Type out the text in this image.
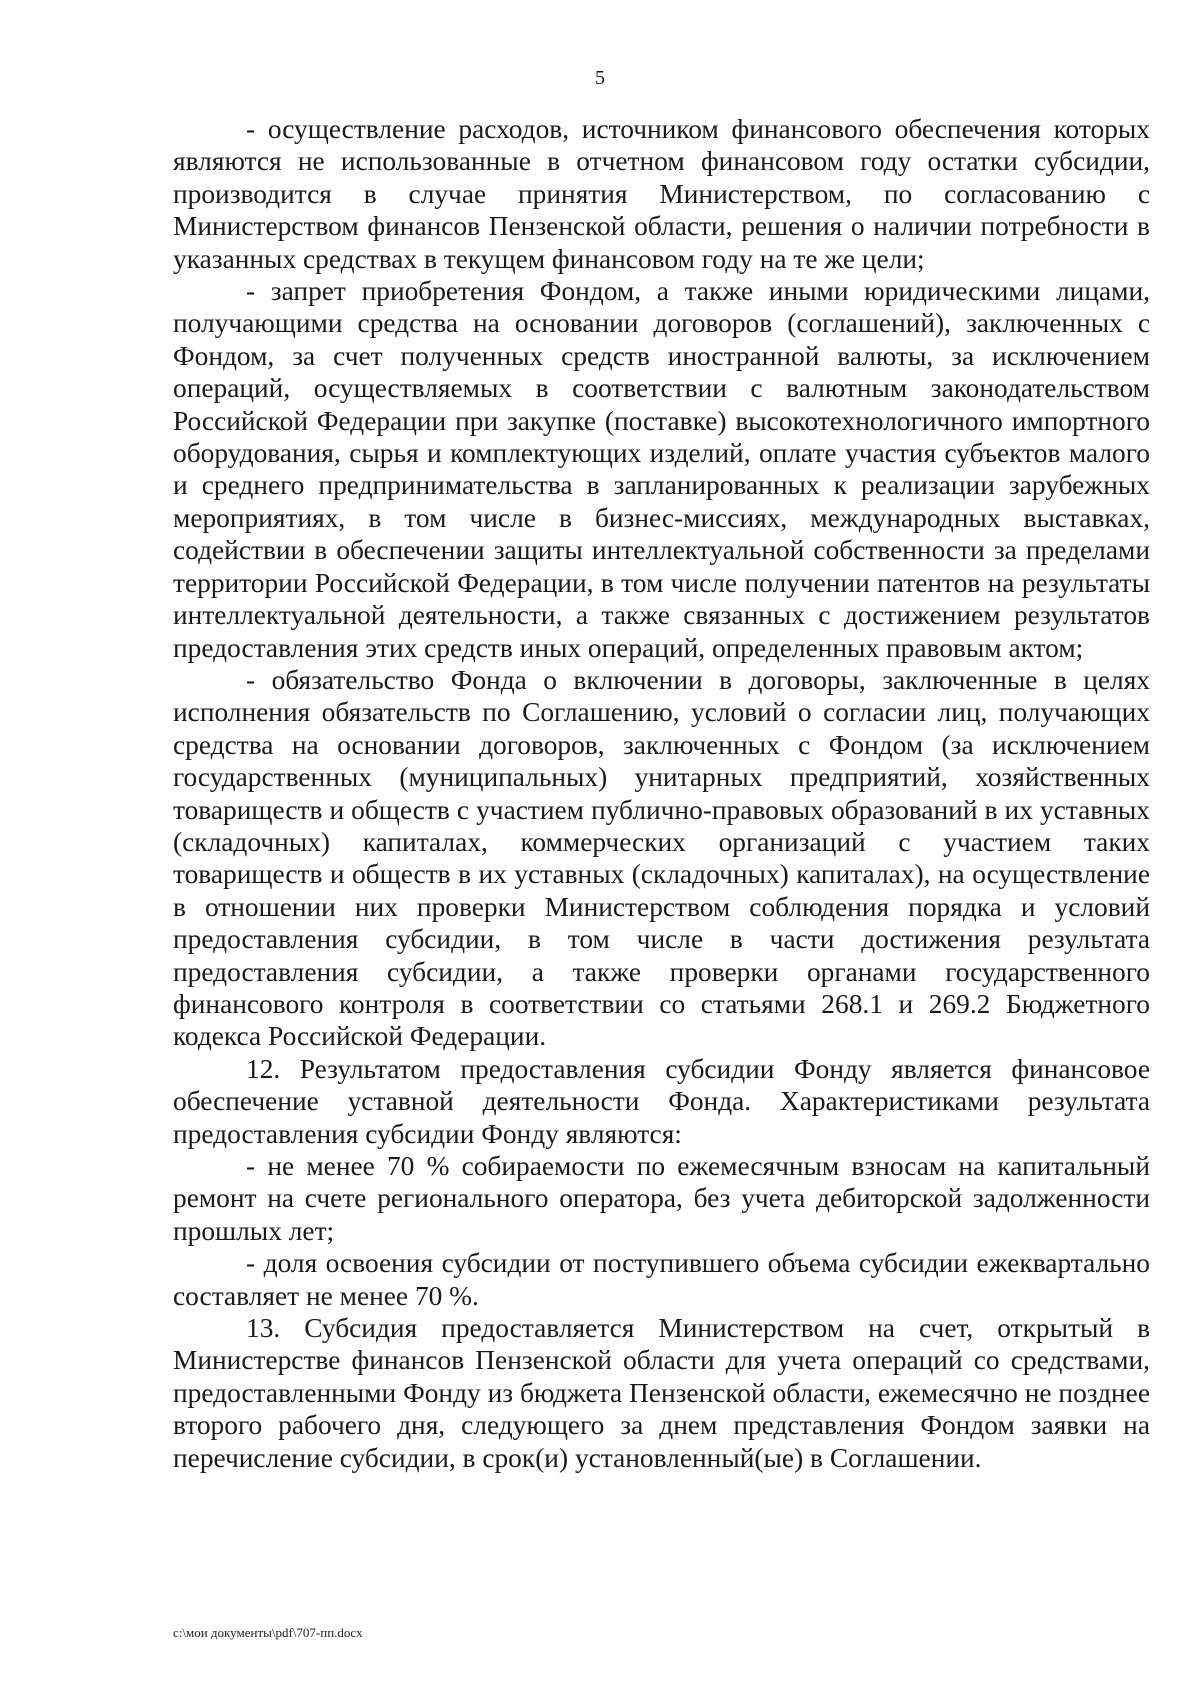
5

- осуществление расходов, источником финансового обеспечения которых являются не использованные в отчетном финансовом году остатки субсидии, производится в случае принятия Министерством, по согласованию с Министерством финансов Пензенской области, решения о наличии потребности в указанных средствах в текущем финансовом году на те же цели;

- запрет приобретения Фондом, а также иными юридическими лицами, получающими средства на основании договоров (соглашений), заключенных с Фондом, за счет полученных средств иностранной валюты, за исключением операций, осуществляемых в соответствии с валютным законодательством Российской Федерации при закупке (поставке) высокотехнологичного импортного оборудования, сырья и комплектующих изделий, оплате участия субъектов малого и среднего предпринимательства в запланированных к реализации зарубежных мероприятиях, в том числе в бизнес-миссиях, международных выставках, содействии в обеспечении защиты интеллектуальной собственности за пределами территории Российской Федерации, в том числе получении патентов на результаты интеллектуальной деятельности, а также связанных с достижением результатов предоставления этих средств иных операций, определенных правовым актом;

- обязательство Фонда о включении в договоры, заключенные в целях исполнения обязательств по Соглашению, условий о согласии лиц, получающих средства на основании договоров, заключенных с Фондом (за исключением государственных (муниципальных) унитарных предприятий, хозяйственных товариществ и обществ с участием публично-правовых образований в их уставных (складочных) капиталах, коммерческих организаций с участием таких товариществ и обществ в их уставных (складочных) капиталах), на осуществление в отношении них проверки Министерством соблюдения порядка и условий предоставления субсидии, в том числе в части достижения результата предоставления субсидии, а также проверки органами государственного финансового контроля в соответствии со статьями 268.1 и 269.2 Бюджетного кодекса Российской Федерации.

12. Результатом предоставления субсидии Фонду является финансовое обеспечение уставной деятельности Фонда. Характеристиками результата предоставления субсидии Фонду являются:

- не менее 70 % собираемости по ежемесячным взносам на капитальный ремонт на счете регионального оператора, без учета дебиторской задолженности прошлых лет;

- доля освоения субсидии от поступившего объема субсидии ежеквартально составляет не менее 70 %.

13. Субсидия предоставляется Министерством на счет, открытый в Министерстве финансов Пензенской области для учета операций со средствами, предоставленными Фонду из бюджета Пензенской области, ежемесячно не позднее второго рабочего дня, следующего за днем представления Фондом заявки на перечисление субсидии, в срок(и) установленный(ые) в Соглашении.

c:\мои документы\pdf\707-пп.docx
